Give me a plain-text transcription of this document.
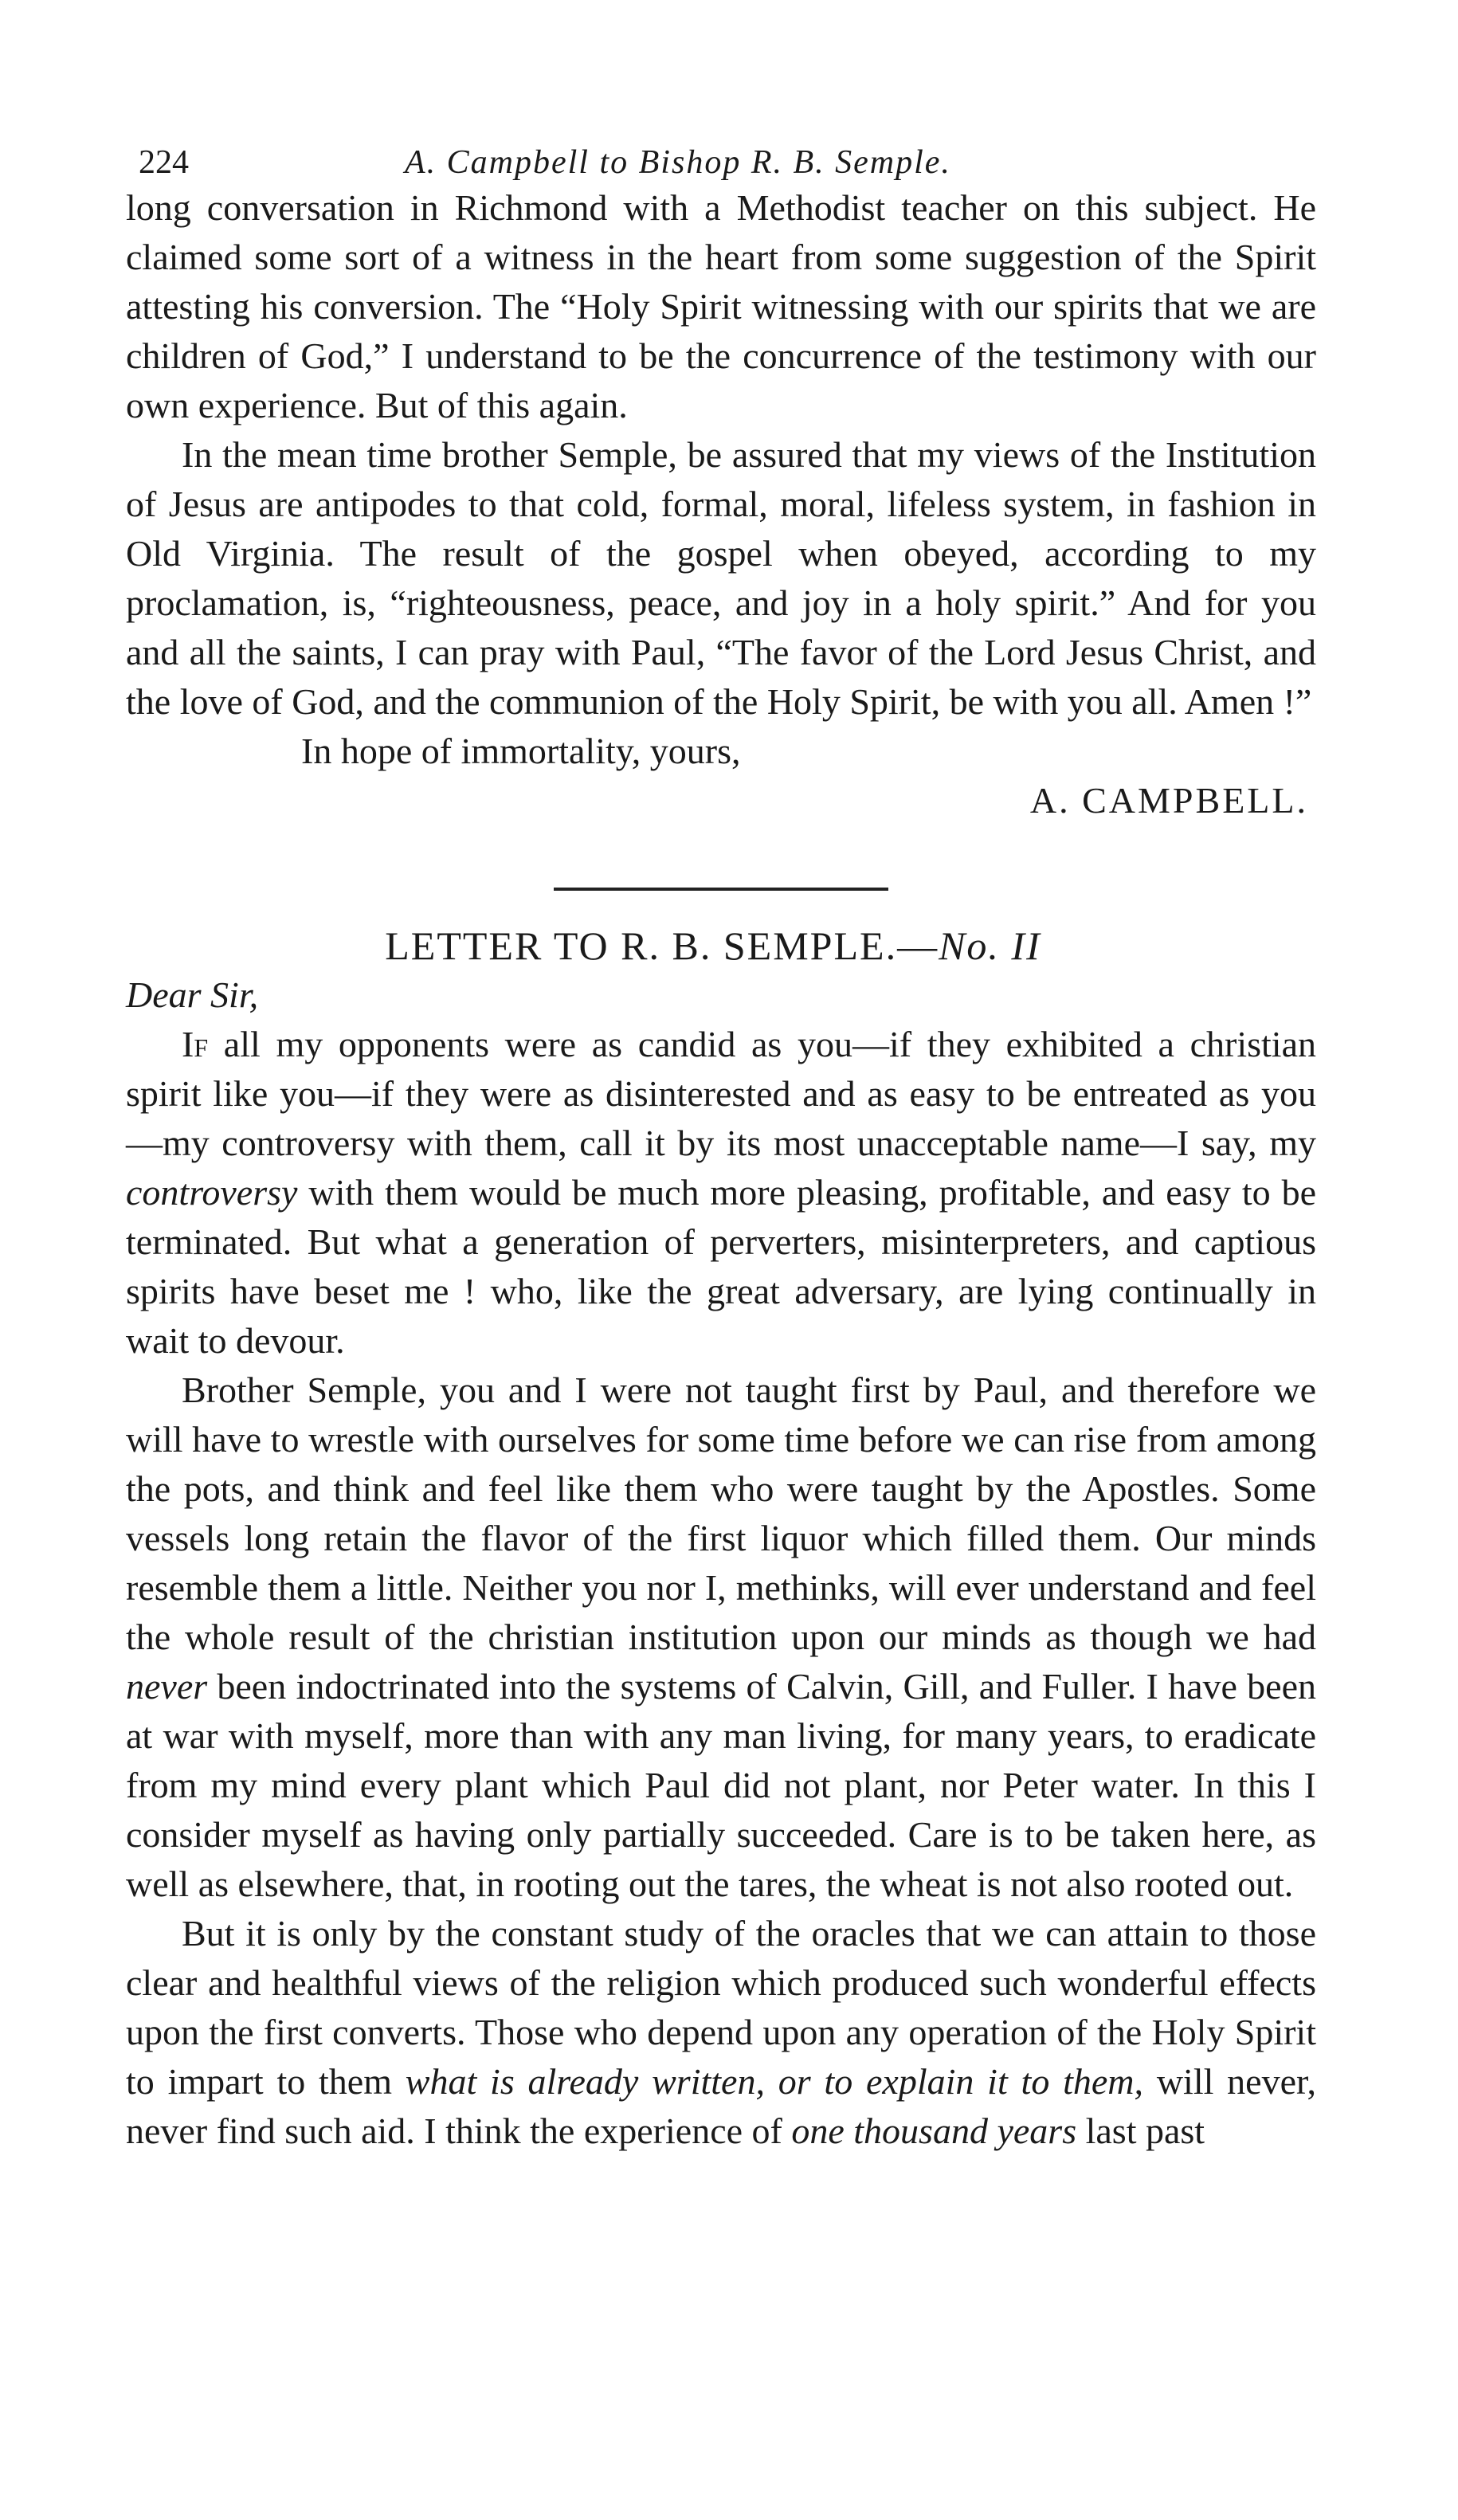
224	A. Campbell to Bishop R. B. Semple.

long conversation in Richmond with a Methodist teacher on this subject. He claimed some sort of a witness in the heart from some suggestion of the Spirit attesting his conversion. The “Holy Spirit witnessing with our spirits that we are children of God,” I understand to be the concurrence of the testimony with our own experience. But of this again.

In the mean time brother Semple, be assured that my views of the Institution of Jesus are antipodes to that cold, formal, moral, lifeless system, in fashion in Old Virginia. The result of the gospel when obeyed, according to my proclamation, is, “righteousness, peace, and joy in a holy spirit.” And for you and all the saints, I can pray with Paul, “The favor of the Lord Jesus Christ, and the love of God, and the communion of the Holy Spirit, be with you all. Amen !”

In hope of immortality, yours,

A. CAMPBELL.

LETTER TO R. B. SEMPLE.—No. II

Dear Sir,

If all my opponents were as candid as you—if they exhibited a christian spirit like you—if they were as disinterested and as easy to be entreated as you—my controversy with them, call it by its most unacceptable name—I say, my controversy with them would be much more pleasing, profitable, and easy to be terminated. But what a generation of perverters, misinterpreters, and captious spirits have beset me ! who, like the great adversary, are lying continually in wait to devour.

Brother Semple, you and I were not taught first by Paul, and therefore we will have to wrestle with ourselves for some time before we can rise from among the pots, and think and feel like them who were taught by the Apostles. Some vessels long retain the flavor of the first liquor which filled them. Our minds resemble them a little. Neither you nor I, methinks, will ever understand and feel the whole result of the christian institution upon our minds as though we had never been indoctrinated into the systems of Calvin, Gill, and Fuller. I have been at war with myself, more than with any man living, for many years, to eradicate from my mind every plant which Paul did not plant, nor Peter water. In this I consider myself as having only partially succeeded. Care is to be taken here, as well as elsewhere, that, in rooting out the tares, the wheat is not also rooted out.

But it is only by the constant study of the oracles that we can attain to those clear and healthful views of the religion which produced such wonderful effects upon the first converts. Those who depend upon any operation of the Holy Spirit to impart to them what is already written, or to explain it to them, will never, never find such aid. I think the experience of one thousand years last past
